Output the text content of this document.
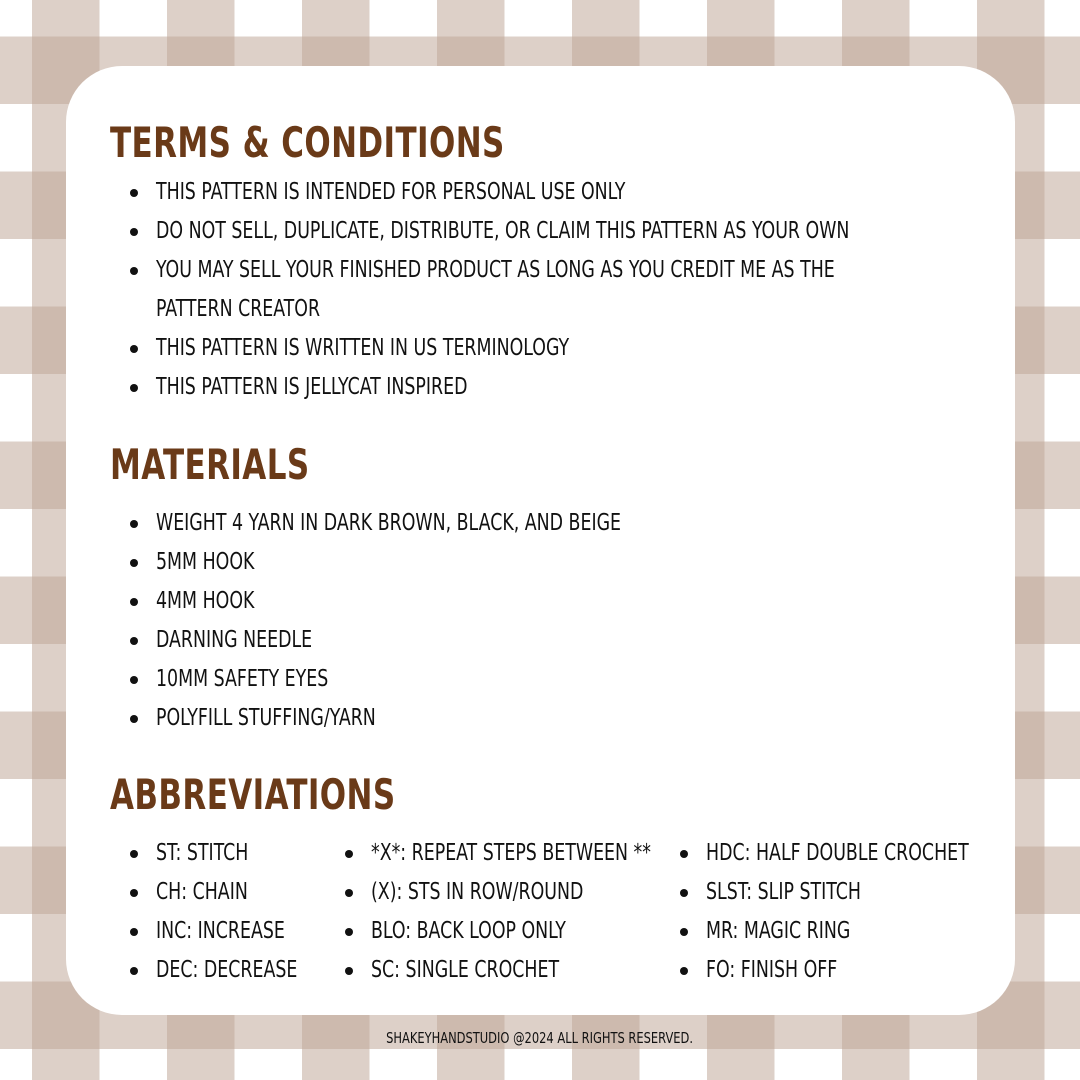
TERMS & CONDITIONS
THIS PATTERN IS INTENDED FOR PERSONAL USE ONLY
DO NOT SELL, DUPLICATE, DISTRIBUTE, OR CLAIM THIS PATTERN AS YOUR OWN
YOU MAY SELL YOUR FINISHED PRODUCT AS LONG AS YOU CREDIT ME AS THE
PATTERN CREATOR
THIS PATTERN IS WRITTEN IN US TERMINOLOGY
THIS PATTERN IS JELLYCAT INSPIRED
MATERIALS
WEIGHT 4 YARN IN DARK BROWN, BLACK, AND BEIGE
5MM HOOK
4MM HOOK
DARNING NEEDLE
10MM SAFETY EYES
POLYFILL STUFFING/YARN
ABBREVIATIONS
ST: STITCH
CH: CHAIN
INC: INCREASE
DEC: DECREASE
*X*: REPEAT STEPS BETWEEN **
(X): STS IN ROW/ROUND
BLO: BACK LOOP ONLY
SC: SINGLE CROCHET
HDC: HALF DOUBLE CROCHET
SLST: SLIP STITCH
MR: MAGIC RING
FO: FINISH OFF
SHAKEYHANDSTUDIO @2024 ALL RIGHTS RESERVED.
